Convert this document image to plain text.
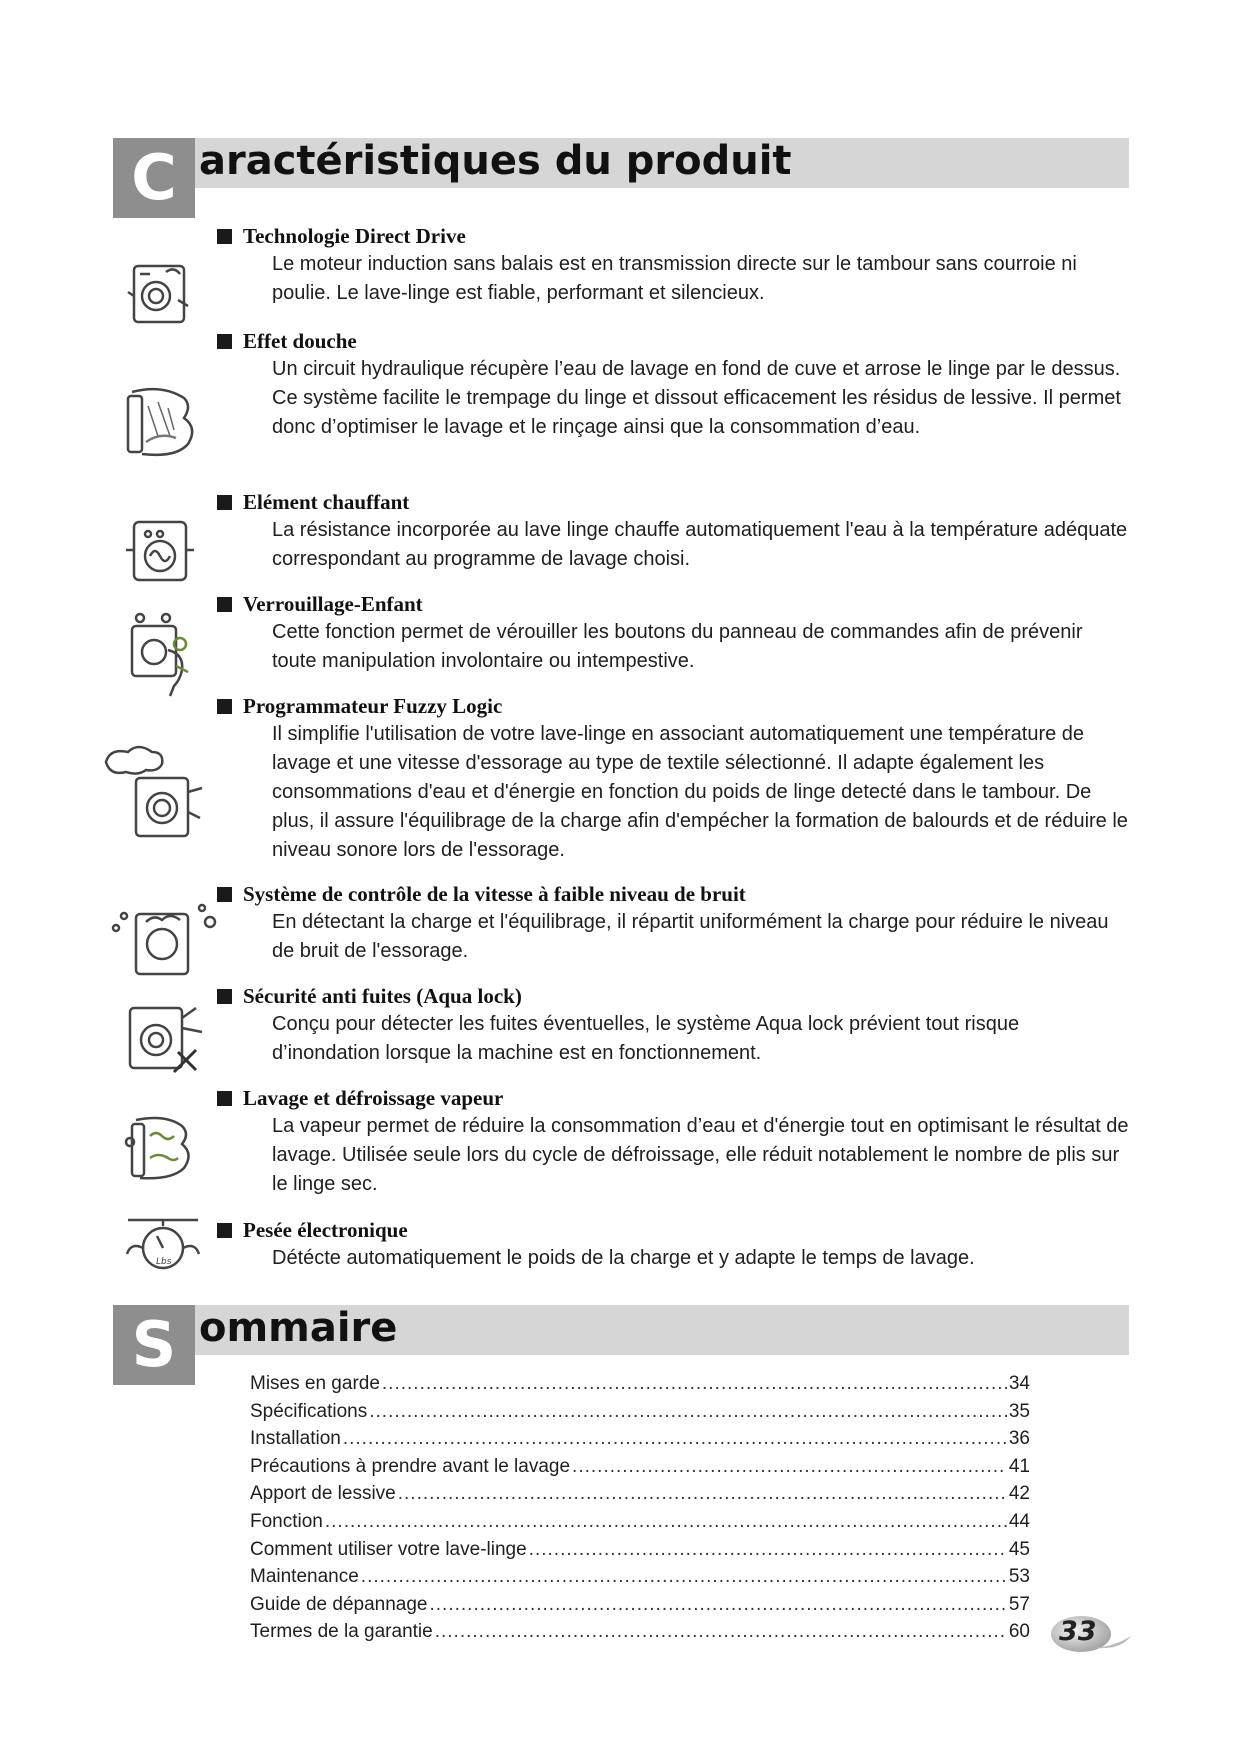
C aractéristiques du produit
Technologie Direct Drive
Le moteur induction sans balais est en transmission directe sur le tambour sans courroie ni poulie. Le lave-linge est fiable, performant et silencieux.
Effet douche
Un circuit hydraulique récupère l’eau de lavage en fond de cuve et arrose le linge par le dessus. Ce système facilite le trempage du linge et dissout efficacement les résidus de lessive. Il permet donc d’optimiser le lavage et le rinçage ainsi que la consommation d’eau.
Elément chauffant
La résistance incorporée au lave linge chauffe automatiquement l'eau à la température adéquate correspondant au programme de lavage choisi.
Verrouillage-Enfant
Cette fonction permet de vérouiller les boutons du panneau de commandes afin de prévenir toute manipulation involontaire ou intempestive.
Programmateur Fuzzy Logic
Il simplifie l'utilisation de votre lave-linge en associant automatiquement une température de lavage et une vitesse d'essorage au type de textile sélectionné. Il adapte également les consommations d'eau et d'énergie en fonction du poids de linge detecté dans le tambour. De plus, il assure l'équilibrage de la charge afin d'empécher la formation de balourds et de réduire le niveau sonore lors de l'essorage.
Système de contrôle de la vitesse à faible niveau de bruit
En détectant la charge et l'équilibrage, il répartit uniformément la charge pour réduire le niveau de bruit de l'essorage.
Sécurité anti fuites (Aqua lock)
Conçu pour détecter les fuites éventuelles, le système Aqua lock prévient tout risque d’inondation lorsque la machine est en fonctionnement.
Lavage et défroissage vapeur
La vapeur permet de réduire la consommation d’eau et d'énergie tout en optimisant le résultat de lavage. Utilisée seule lors du cycle de défroissage, elle réduit notablement le nombre de plis sur le linge sec.
Lbs
Pesée électronique
Détécte automatiquement le poids de la charge et y adapte le temps de lavage.
S ommaire
Mises en garde .....	34
Spécifications .....	35
Installation .....	36
Précautions à prendre avant le lavage .....	41
Apport de lessive .....	42
Fonction .....	44
Comment utiliser votre lave-linge .....	45
Maintenance .....	53
Guide de dépannage .....	57
Termes de la garantie .....	60 33
